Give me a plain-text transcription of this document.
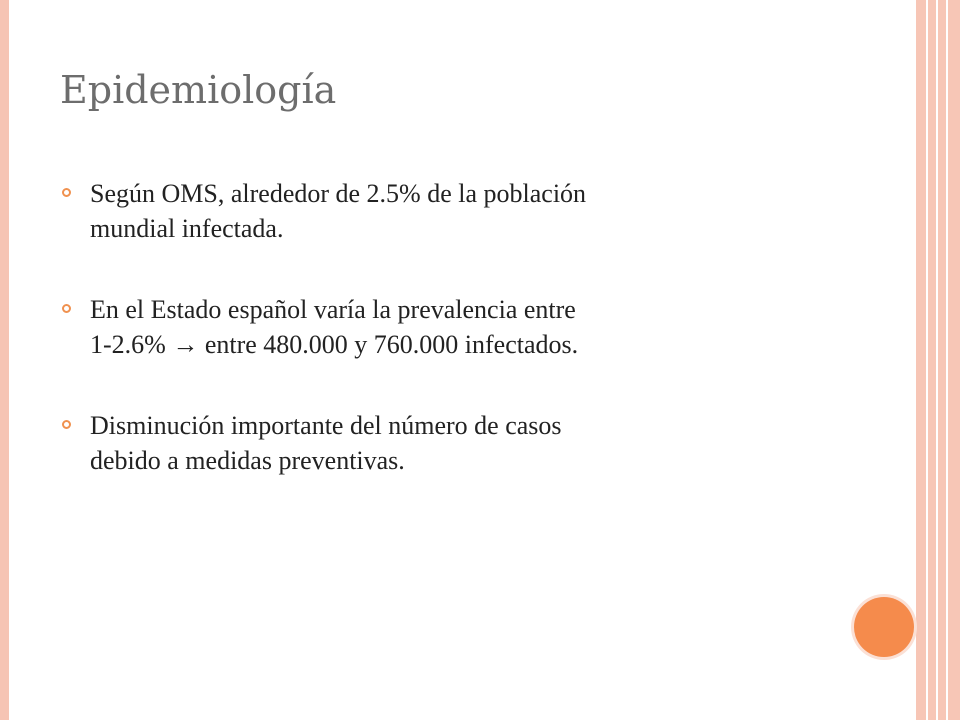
Epidemiología
Según OMS, alrededor de 2.5% de la población
mundial infectada.
En el Estado español varía la prevalencia entre
1-2.6% → entre 480.000 y 760.000 infectados.
Disminución importante del número de casos
debido a medidas preventivas.
